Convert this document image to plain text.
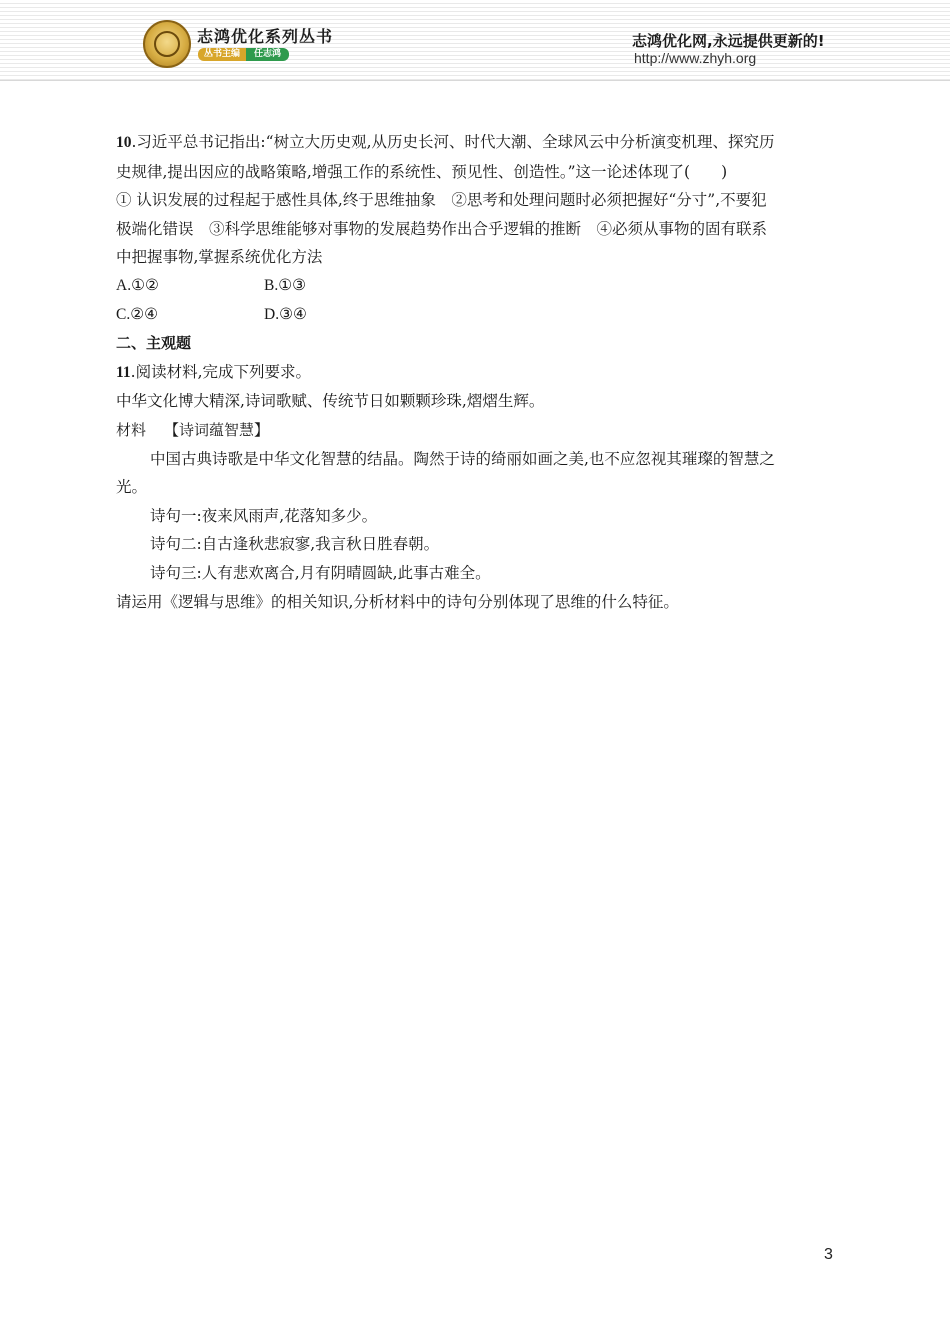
志鸿优化系列丛书
丛书主编	任志鸿
志鸿优化网,永远提供更新的!
http://www.zhyh.org
10.习近平总书记指出:“树立大历史观,从历史长河、时代大潮、全球风云中分析演变机理、探究历
史规律,提出因应的战略策略,增强工作的系统性、预见性、创造性。”这一论述体现了(　　)
① 认识发展的过程起于感性具体,终于思维抽象　②思考和处理问题时必须把握好“分寸”,不要犯
极端化错误　③科学思维能够对事物的发展趋势作出合乎逻辑的推断　④必须从事物的固有联系
中把握事物,掌握系统优化方法
A.①②	B.①③
C.②④	D.③④
二、主观题
11.阅读材料,完成下列要求。
中华文化博大精深,诗词歌赋、传统节日如颗颗珍珠,熠熠生辉。
材料 【诗词蕴智慧】
中国古典诗歌是中华文化智慧的结晶。陶然于诗的绮丽如画之美,也不应忽视其璀璨的智慧之
光。
诗句一:夜来风雨声,花落知多少。
诗句二:自古逢秋悲寂寥,我言秋日胜春朝。
诗句三:人有悲欢离合,月有阴晴圆缺,此事古难全。
请运用《逻辑与思维》的相关知识,分析材料中的诗句分别体现了思维的什么特征。
3
